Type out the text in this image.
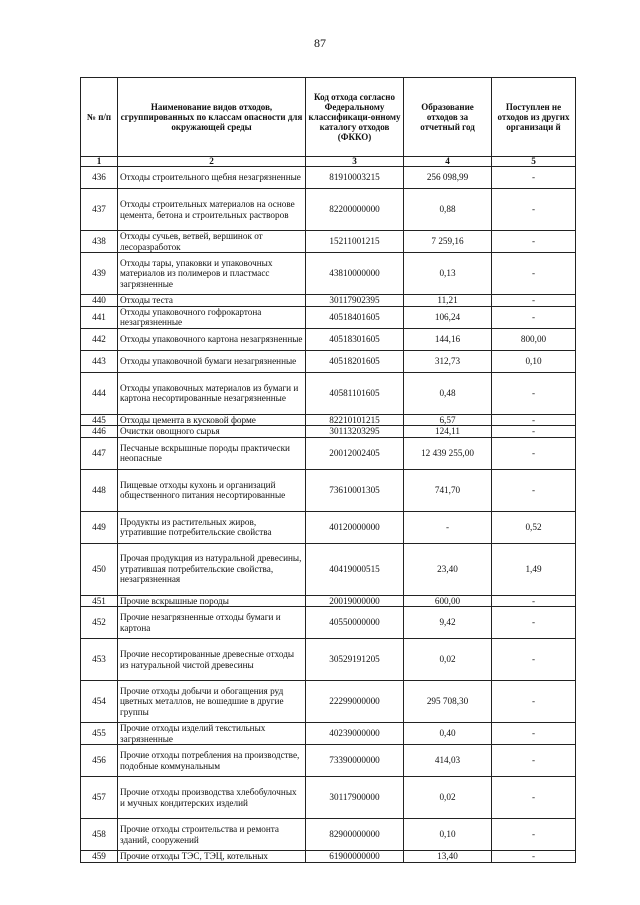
87
№ п/п	Наименование видов отходов, сгруппированных по классам опасности для окружающей среды	Код отхода согласно Федеральному классификаци-онному каталогу отходов (ФККО)	Образование отходов за отчетный год	Поступлен не отходов из других организаци й
1	2	3	4	5
436	Отходы строительного щебня незагрязненные	81910003215	256 098,99	-
437	Отходы строительных материалов на основе цемента, бетона и строительных растворов	82200000000	0,88	-
438	Отходы сучьев, ветвей, вершинок от лесоразработок	15211001215	7 259,16	-
439	Отходы тары, упаковки и упаковочных материалов из полимеров и пластмасс загрязненные	43810000000	0,13	-
440	Отходы теста	30117902395	11,21	-
441	Отходы упаковочного гофрокартона незагрязненные	40518401605	106,24	-
442	Отходы упаковочного картона незагрязненные	40518301605	144,16	800,00
443	Отходы упаковочной бумаги незагрязненные	40518201605	312,73	0,10
444	Отходы упаковочных материалов из бумаги и картона несортированные незагрязненные	40581101605	0,48	-
445	Отходы цемента в кусковой форме	82210101215	6,57	-
446	Очистки овощного сырья	30113203295	124,11	-
447	Песчаные вскрышные породы практически неопасные	20012002405	12 439 255,00	-
448	Пищевые отходы кухонь и организаций общественного питания несортированные	73610001305	741,70	-
449	Продукты из растительных жиров, утратившие потребительские свойства	40120000000	-	0,52
450	Прочая продукция из натуральной древесины, утратившая потребительские свойства, незагрязненная	40419000515	23,40	1,49
451	Прочие вскрышные породы	20019000000	600,00	-
452	Прочие незагрязненные отходы бумаги и картона	40550000000	9,42	-
453	Прочие несортированные древесные отходы из натуральной чистой древесины	30529191205	0,02	-
454	Прочие отходы добычи и обогащения руд цветных металлов, не вошедшие в другие группы	22299000000	295 708,30	-
455	Прочие отходы изделий текстильных загрязненные	40239000000	0,40	-
456	Прочие отходы потребления на производстве, подобные коммунальным	73390000000	414,03	-
457	Прочие отходы производства хлебобулочных и мучных кондитерских изделий	30117900000	0,02	-
458	Прочие отходы строительства и ремонта зданий, сооружений	82900000000	0,10	-
459	Прочие отходы ТЭС, ТЭЦ, котельных	61900000000	13,40	-
